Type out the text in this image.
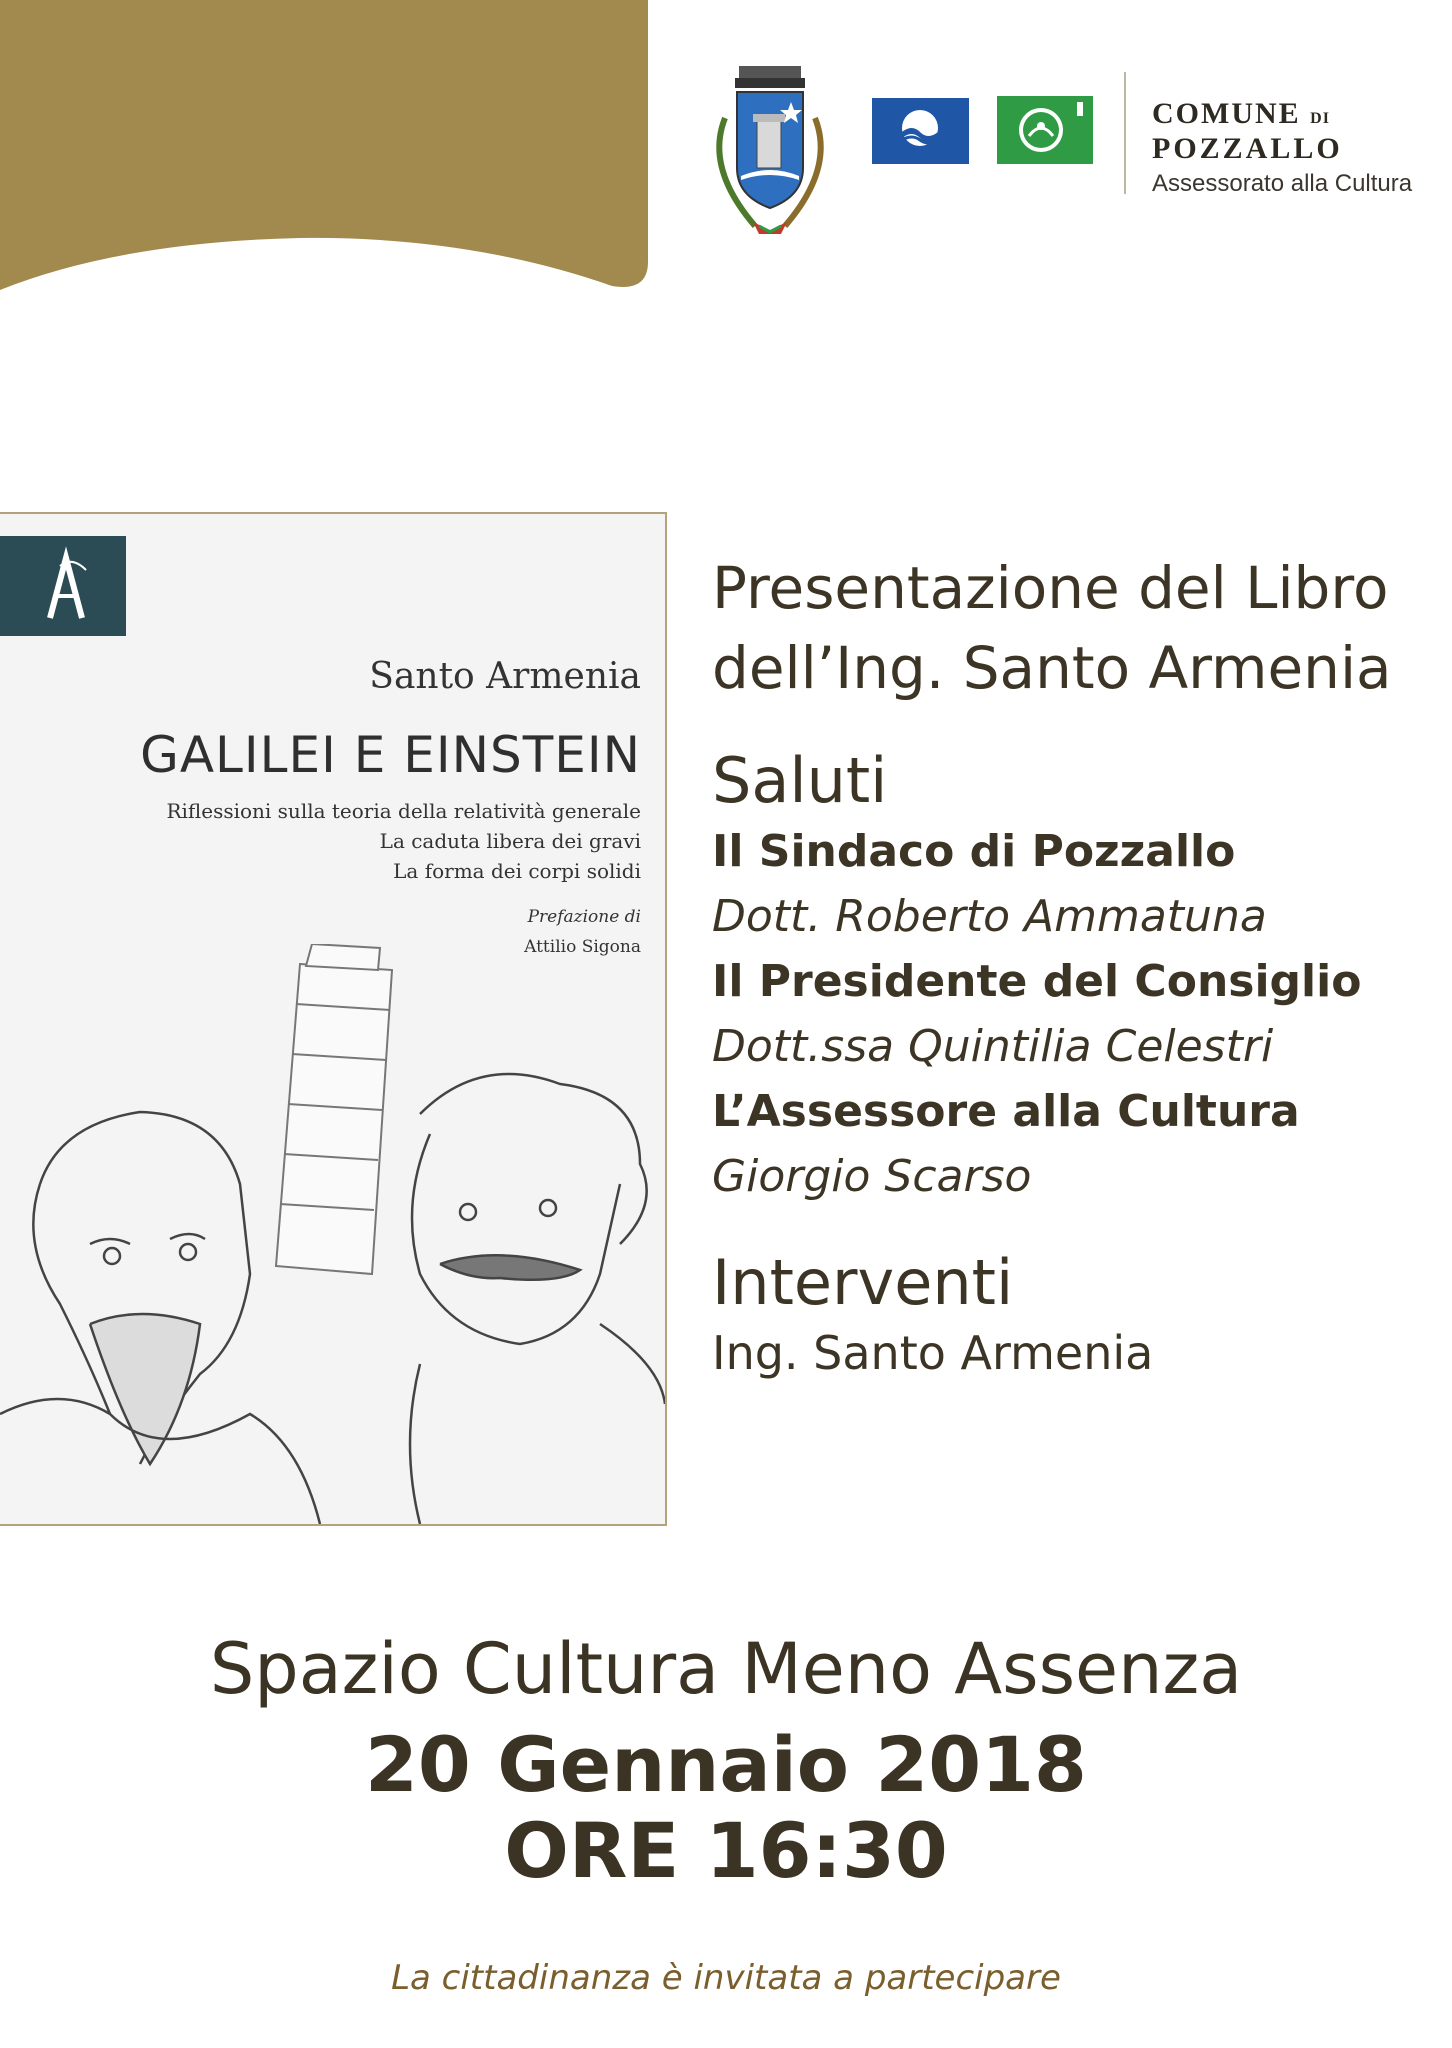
COMUNE DI
POZZALLO
Assessorato alla Cultura
Santo Armenia
GALILEI E EINSTEIN
Riflessioni sulla teoria della relatività generale
La caduta libera dei gravi
La forma dei corpi solidi
Prefazione di
Attilio Sigona
Presentazione del Libro
dell’Ing. Santo Armenia
Saluti
Il Sindaco di Pozzallo
Dott. Roberto Ammatuna
Il Presidente del Consiglio
Dott.ssa Quintilia Celestri
L’Assessore alla Cultura
Giorgio Scarso
Interventi
Ing. Santo Armenia
Spazio Cultura Meno Assenza
20 Gennaio 2018
ORE 16:30
La cittadinanza è invitata a partecipare
